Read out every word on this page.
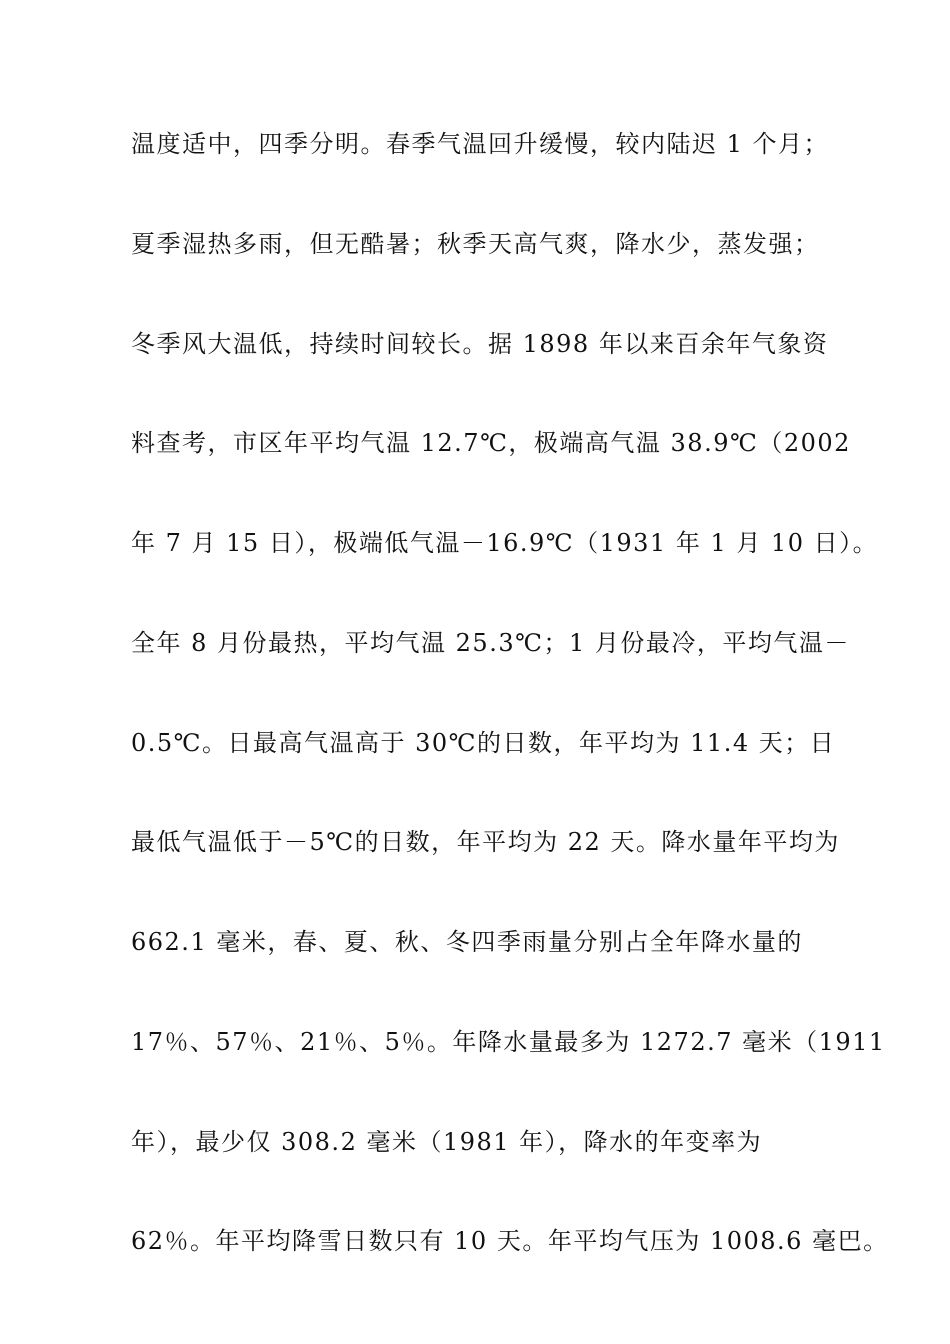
温度适中，四季分明。春季气温回升缓慢，较内陆迟 1 个月；
夏季湿热多雨，但无酷暑；秋季天高气爽，降水少，蒸发强；
冬季风大温低，持续时间较长。据 1898 年以来百余年气象资
料查考，市区年平均气温 12.7℃，极端高气温 38.9℃（2002
年 7 月 15 日），极端低气温－16.9℃（1931 年 1 月 10 日）。
全年 8 月份最热，平均气温 25.3℃；1 月份最冷，平均气温－
0.5℃。日最高气温高于 30℃的日数，年平均为 11.4 天；日
最低气温低于－5℃的日数，年平均为 22 天。降水量年平均为
662.1 毫米，春、夏、秋、冬四季雨量分别占全年降水量的
17％、57％、21％、5％。年降水量最多为 1272.7 毫米（1911
年），最少仅 308.2 毫米（1981 年），降水的年变率为
62％。年平均降雪日数只有 10 天。年平均气压为 1008.6 毫巴。
